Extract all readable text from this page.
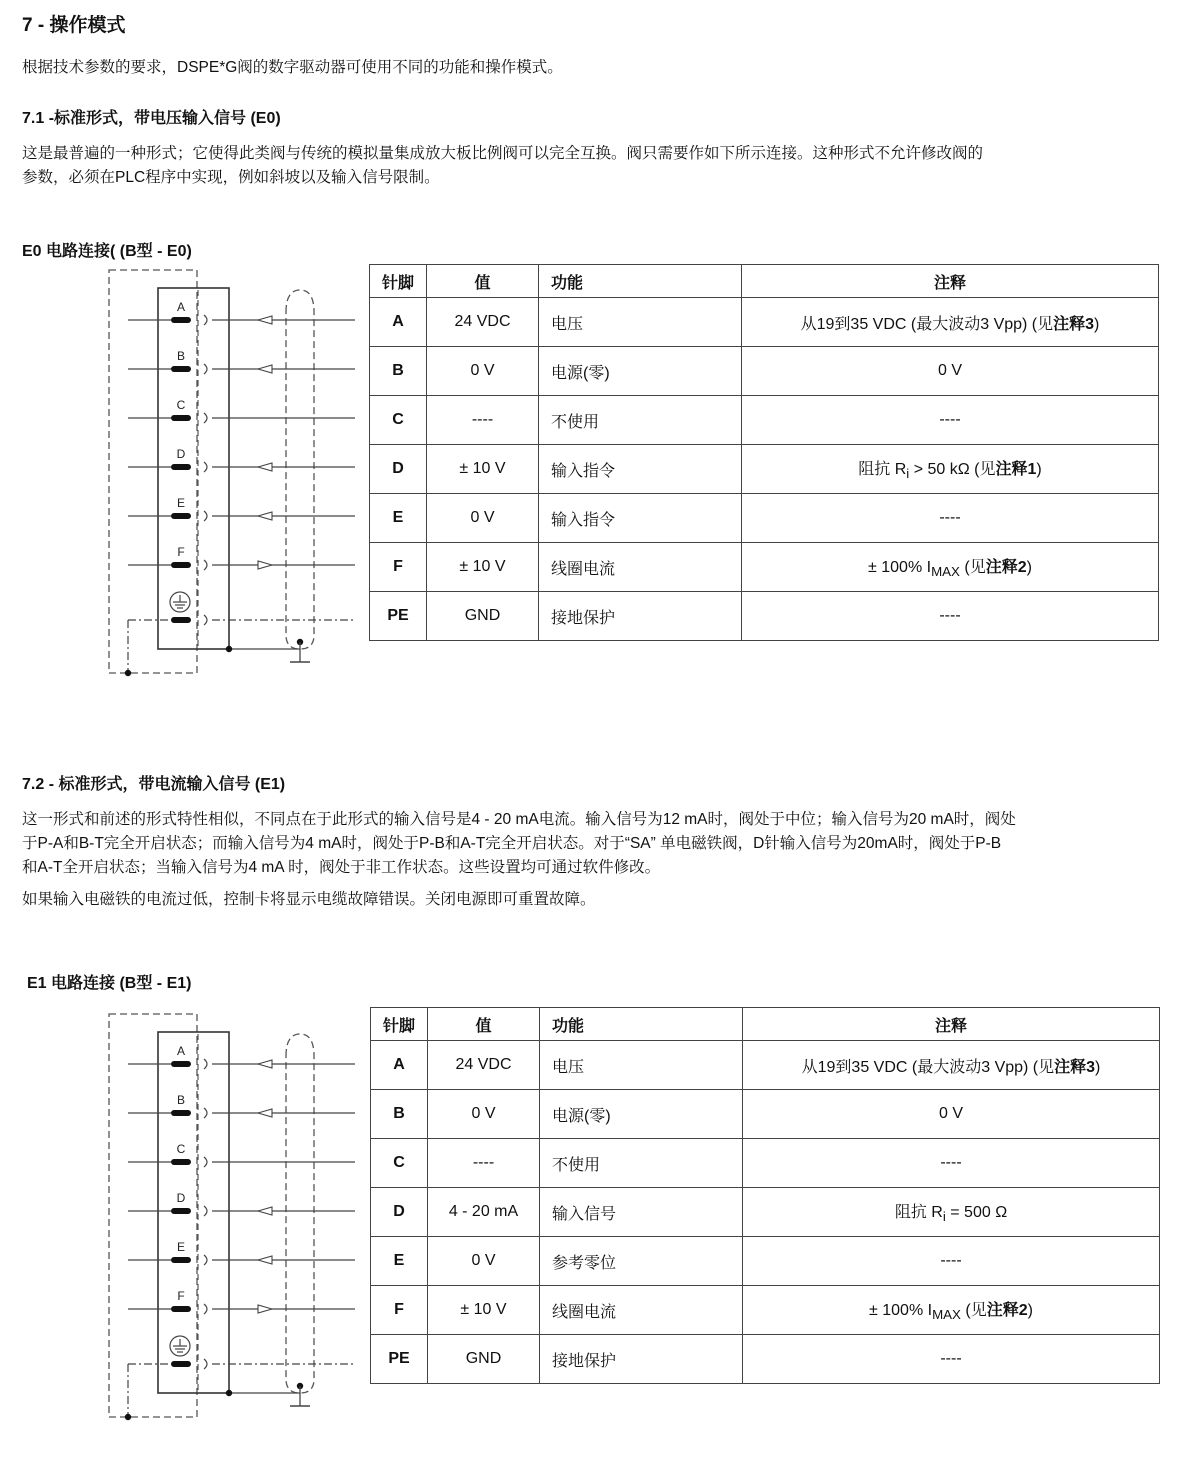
7 - 操作模式
根据技术参数的要求，DSPE*G阀的数字驱动器可使用不同的功能和操作模式。
7.1 -标准形式，带电压输入信号 (E0)
这是最普遍的一种形式；它使得此类阀与传统的模拟量集成放大板比例阀可以完全互换。阀只需要作如下所示连接。这种形式不允许修改阀的
参数，必须在PLC程序中实现，例如斜坡以及输入信号限制。
E0 电路连接( (B型 - E0)
A
B
C
D
E
F
针脚	值	功能	注释
A	24 VDC	电压	从19到35 VDC (最大波动3 Vpp) (见注释3)
B	0 V	电源(零)	0 V
C	----	不使用	----
D	± 10 V	输入指令	阻抗 $R_i > 50$ kΩ (见注释1)
E	0 V	输入指令	----
F	± 10 V	线圈电流	± 100% $I_{MAX}$ (见注释2)
PE	GND	接地保护	----
7.2 - 标准形式，带电流输入信号 (E1)
这一形式和前述的形式特性相似，不同点在于此形式的输入信号是4 - 20 mA电流。输入信号为12 mA时，阀处于中位；输入信号为20 mA时，阀处
于P-A和B-T完全开启状态；而输入信号为4 mA时，阀处于P-B和A-T完全开启状态。对于“SA” 单电磁铁阀，D针输入信号为20mA时，阀处于P-B
和A-T全开启状态；当输入信号为4 mA 时，阀处于非工作状态。这些设置均可通过软件修改。
如果输入电磁铁的电流过低，控制卡将显示电缆故障错误。关闭电源即可重置故障。
E1 电路连接 (B型 - E1)
A
B
C
D
E
F
针脚	值	功能	注释
A	24 VDC	电压	从19到35 VDC (最大波动3 Vpp) (见注释3)
B	0 V	电源(零)	0 V
C	----	不使用	----
D	4 - 20 mA	输入信号	阻抗 $R_i = 500$ Ω
E	0 V	参考零位	----
F	± 10 V	线圈电流	± 100% $I_{MAX}$ (见注释2)
PE	GND	接地保护	----
